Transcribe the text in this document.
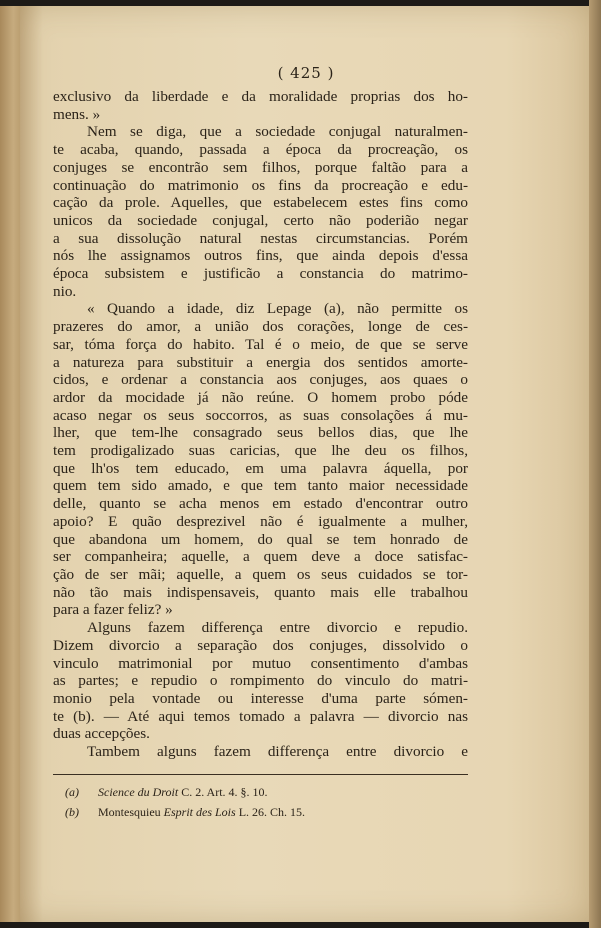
( 425 )
exclusivo da liberdade e da moralidade proprias dos ho-
mens. »
Nem se diga, que a sociedade conjugal naturalmen-
te acaba, quando, passada a época da procreação, os
conjuges se encontrão sem filhos, porque faltão para a
continuação do matrimonio os fins da procreação e edu-
cação da prole. Aquelles, que estabelecem estes fins como
unicos da sociedade conjugal, certo não poderião negar
a sua dissolução natural nestas circumstancias. Porém
nós lhe assignamos outros fins, que ainda depois d'essa
época subsistem e justificão a constancia do matrimo-
nio.
« Quando a idade, diz Lepage (a), não permitte os
prazeres do amor, a união dos corações, longe de ces-
sar, tóma força do habito. Tal é o meio, de que se serve
a natureza para substituir a energia dos sentidos amorte-
cidos, e ordenar a constancia aos conjuges, aos quaes o
ardor da mocidade já não reúne. O homem probo póde
acaso negar os seus soccorros, as suas consolações á mu-
lher, que tem-lhe consagrado seus bellos dias, que lhe
tem prodigalizado suas caricias, que lhe deu os filhos,
que lh'os tem educado, em uma palavra áquella, por
quem tem sido amado, e que tem tanto maior necessidade
delle, quanto se acha menos em estado d'encontrar outro
apoio? E quão desprezivel não é igualmente a mulher,
que abandona um homem, do qual se tem honrado de
ser companheira; aquelle, a quem deve a doce satisfac-
ção de ser mãi; aquelle, a quem os seus cuidados se tor-
não tão mais indispensaveis, quanto mais elle trabalhou
para a fazer feliz? »
Alguns fazem differença entre divorcio e repudio.
Dizem divorcio a separação dos conjuges, dissolvido o
vinculo matrimonial por mutuo consentimento d'ambas
as partes; e repudio o rompimento do vinculo do matri-
monio pela vontade ou interesse d'uma parte sómen-
te (b). — Até aqui temos tomado a palavra — divorcio nas
duas accepções.
Tambem alguns fazem differença entre divorcio e
(a) Science du Droit C. 2. Art. 4. §. 10.
(b) Montesquieu Esprit des Lois L. 26. Ch. 15.
